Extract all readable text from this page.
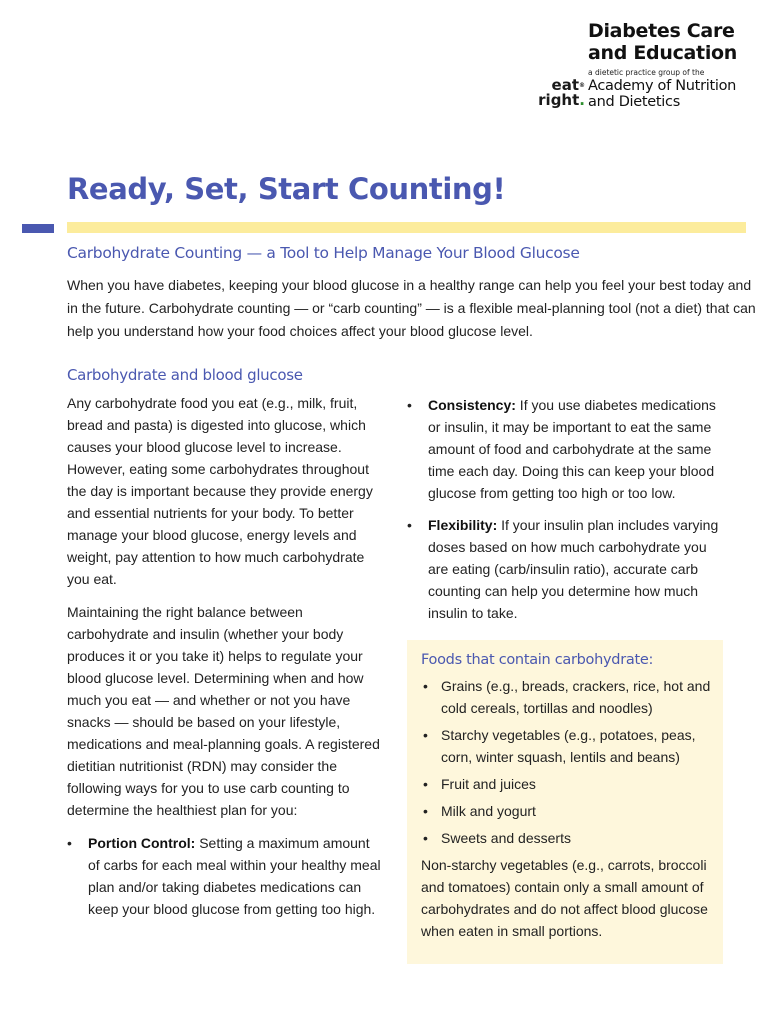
Diabetes Care
and Education
a dietetic practice group of the
eat®
right.
Academy of Nutrition
and Dietetics
Ready, Set, Start Counting!
Carbohydrate Counting — a Tool to Help Manage Your Blood Glucose

When you have diabetes, keeping your blood glucose in a healthy range can help you feel your best today and in the future. Carbohydrate counting — or “carb counting” — is a flexible meal-planning tool (not a diet) that can help you understand how your food choices affect your blood glucose level.

Carbohydrate and blood glucose

Any carbohydrate food you eat (e.g., milk, fruit, bread and pasta) is digested into glucose, which causes your blood glucose level to increase. However, eating some carbohydrates throughout the day is important because they provide energy and essential nutrients for your body. To better manage your blood glucose, energy levels and weight, pay attention to how much carbohydrate you eat.

Maintaining the right balance between carbohydrate and insulin (whether your body produces it or you take it) helps to regulate your blood glucose level. Determining when and how much you eat — and whether or not you have snacks — should be based on your lifestyle, medications and meal-planning goals. A registered dietitian nutritionist (RDN) may consider the following ways for you to use carb counting to determine the healthiest plan for you:

• Portion Control: Setting a maximum amount of carbs for each meal within your healthy meal plan and/or taking diabetes medications can keep your blood glucose from getting too high.
• Consistency: If you use diabetes medications or insulin, it may be important to eat the same amount of food and carbohydrate at the same time each day. Doing this can keep your blood glucose from getting too high or too low.
• Flexibility: If your insulin plan includes varying doses based on how much carbohydrate you are eating (carb/insulin ratio), accurate carb counting can help you determine how much insulin to take.
Foods that contain carbohydrate:
• Grains (e.g., breads, crackers, rice, hot and cold cereals, tortillas and noodles)
• Starchy vegetables (e.g., potatoes, peas, corn, winter squash, lentils and beans)
• Fruit and juices
• Milk and yogurt
• Sweets and desserts

Non-starchy vegetables (e.g., carrots, broccoli and tomatoes) contain only a small amount of carbohydrates and do not affect blood glucose when eaten in small portions.
